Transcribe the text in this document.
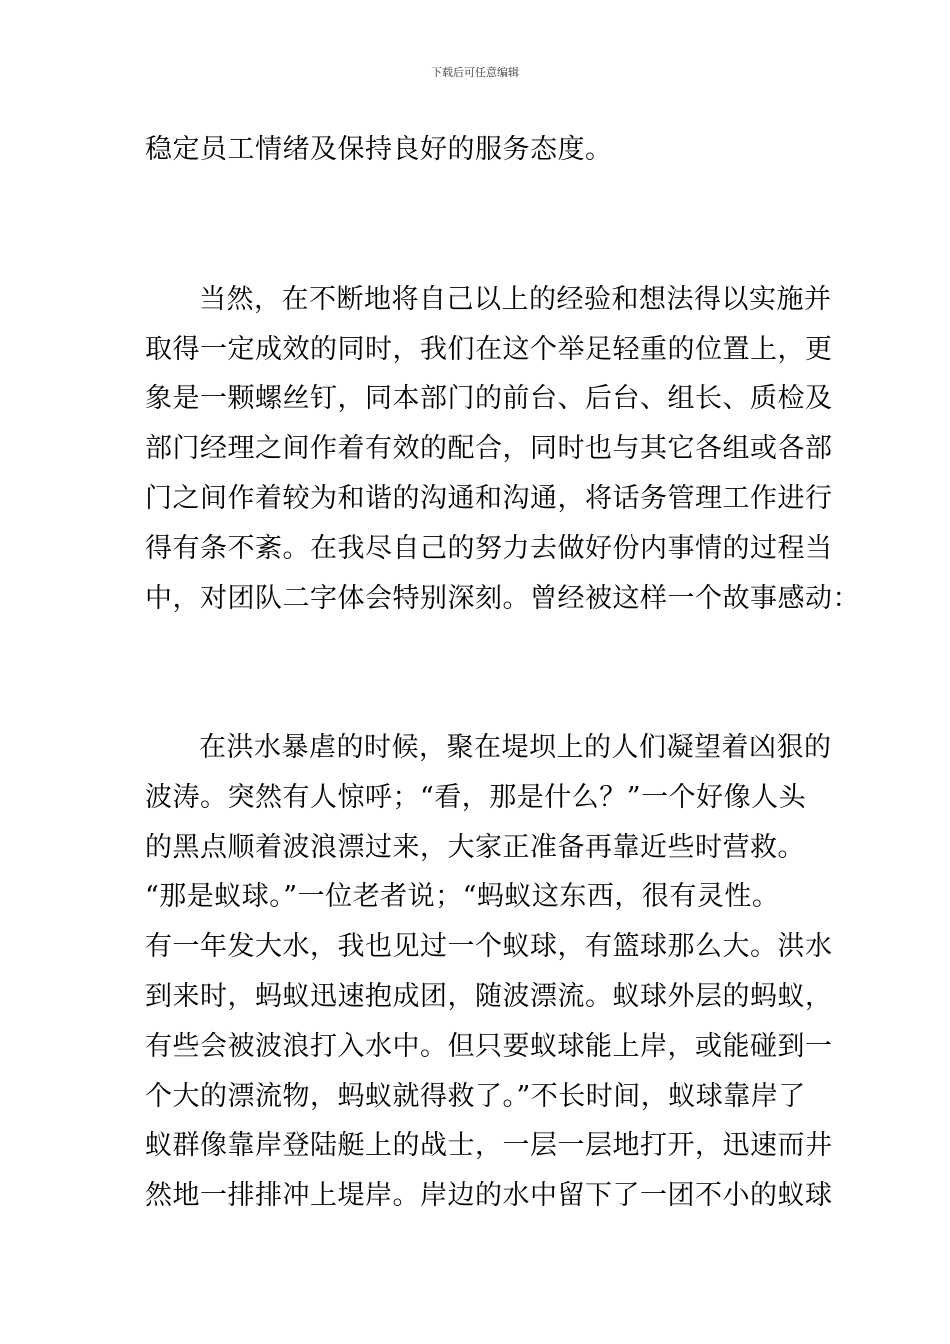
下载后可任意编辑
稳定员工情绪及保持良好的服务态度。
当然，在不断地将自己以上的经验和想法得以实施并
取得一定成效的同时，我们在这个举足轻重的位置上，更
象是一颗螺丝钉，同本部门的前台、后台、组长、质检及
部门经理之间作着有效的配合，同时也与其它各组或各部
门之间作着较为和谐的沟通和沟通，将话务管理工作进行
得有条不紊。在我尽自己的努力去做好份内事情的过程当
中，对团队二字体会特别深刻。曾经被这样一个故事感动：
在洪水暴虐的时候，聚在堤坝上的人们凝望着凶狠的
波涛。突然有人惊呼；“看，那是什么？”一个好像人头
的黑点顺着波浪漂过来，大家正准备再靠近些时营救。
“那是蚁球。”一位老者说；“蚂蚁这东西，很有灵性。
有一年发大水，我也见过一个蚁球，有篮球那么大。洪水
到来时，蚂蚁迅速抱成团，随波漂流。蚁球外层的蚂蚁，
有些会被波浪打入水中。但只要蚁球能上岸，或能碰到一
个大的漂流物，蚂蚁就得救了。”不长时间，蚁球靠岸了
蚁群像靠岸登陆艇上的战士，一层一层地打开，迅速而井
然地一排排冲上堤岸。岸边的水中留下了一团不小的蚁球
